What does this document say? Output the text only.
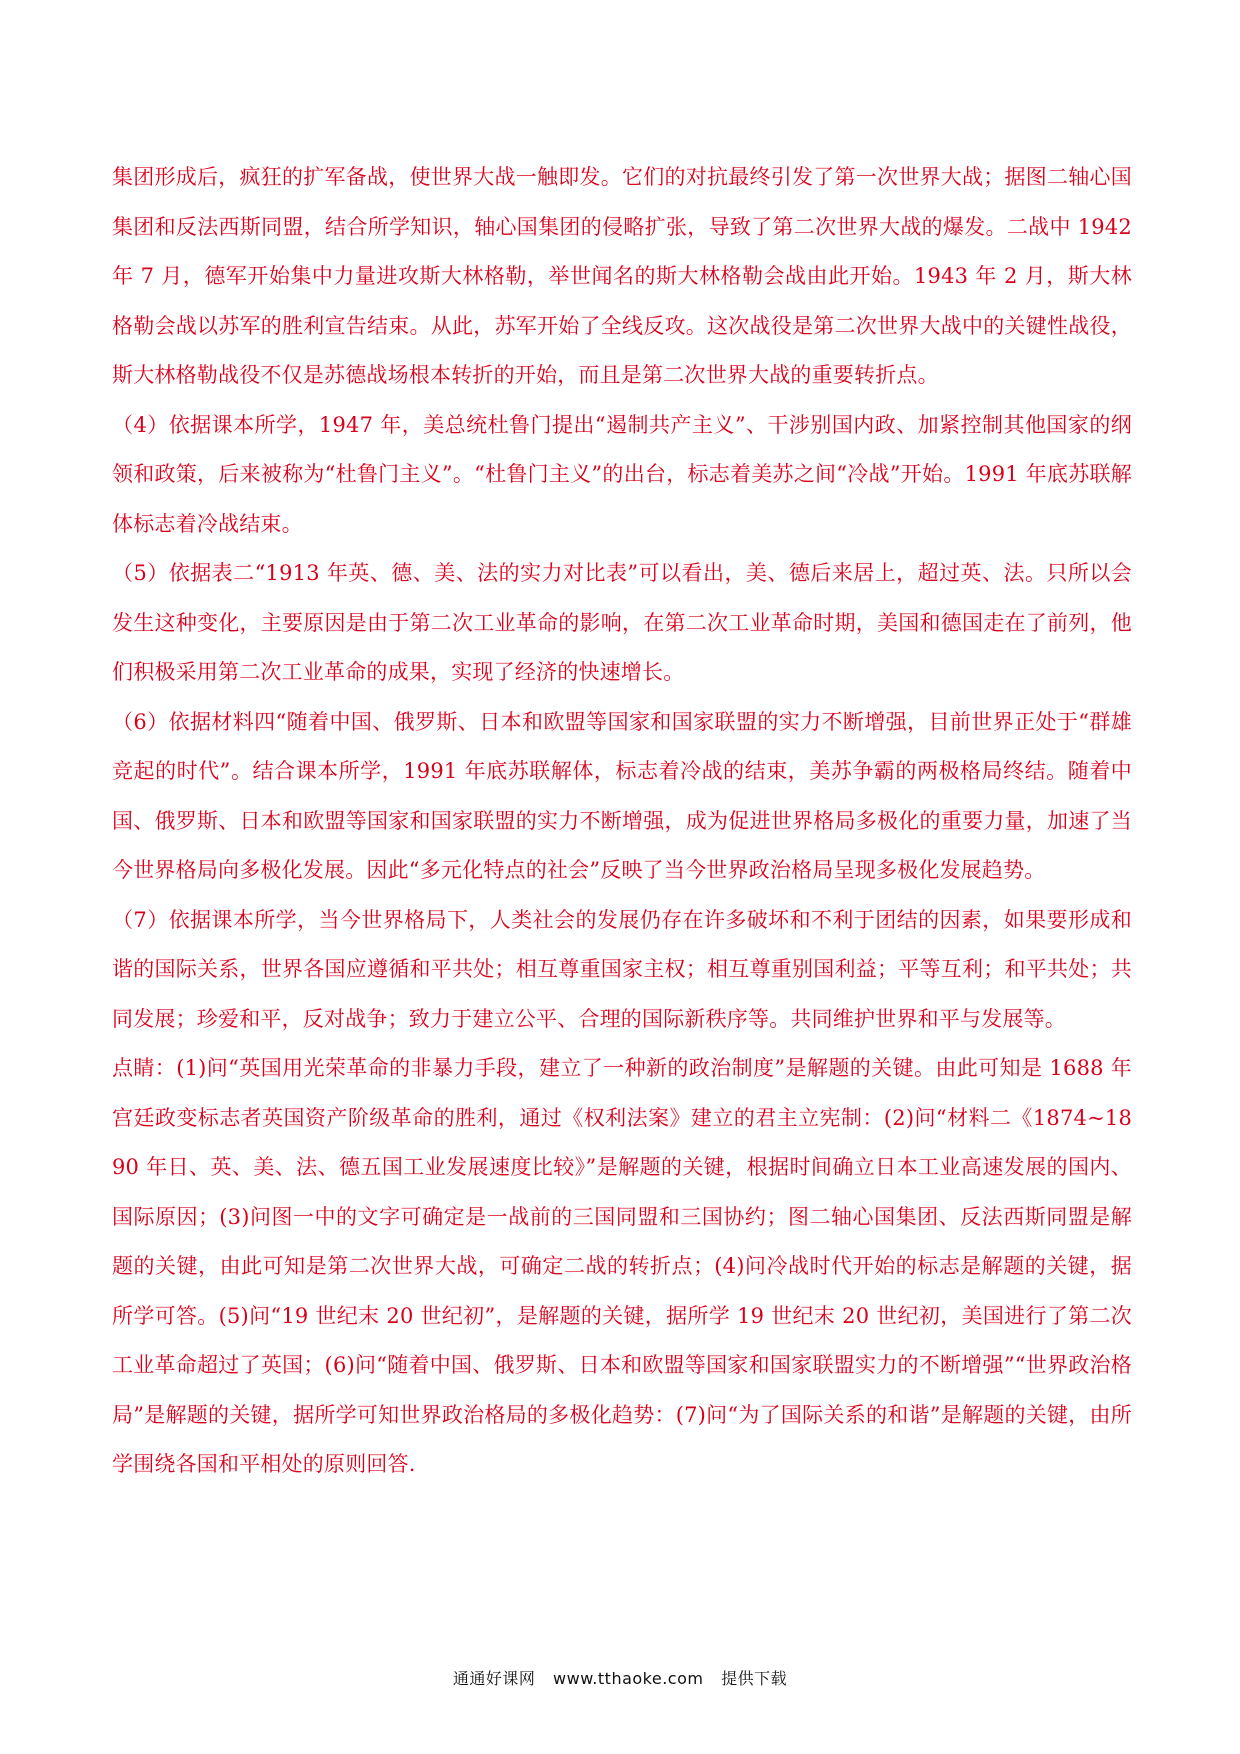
集团形成后，疯狂的扩军备战，使世界大战一触即发。它们的对抗最终引发了第一次世界大战；据图二轴心国集团和反法西斯同盟，结合所学知识，轴心国集团的侵略扩张，导致了第二次世界大战的爆发。二战中 1942 年 7 月，德军开始集中力量进攻斯大林格勒，举世闻名的斯大林格勒会战由此开始。1943 年 2 月，斯大林格勒会战以苏军的胜利宣告结束。从此，苏军开始了全线反攻。这次战役是第二次世界大战中的关键性战役，斯大林格勒战役不仅是苏德战场根本转折的开始，而且是第二次世界大战的重要转折点。

（4）依据课本所学，1947 年，美总统杜鲁门提出“遏制共产主义”、干涉别国内政、加紧控制其他国家的纲领和政策，后来被称为“杜鲁门主义”。“杜鲁门主义”的出台，标志着美苏之间“冷战”开始。1991 年底苏联解体标志着冷战结束。

（5）依据表二“1913 年英、德、美、法的实力对比表”可以看出，美、德后来居上，超过英、法。只所以会发生这种变化，主要原因是由于第二次工业革命的影响，在第二次工业革命时期，美国和德国走在了前列，他们积极采用第二次工业革命的成果，实现了经济的快速增长。

（6）依据材料四“随着中国、俄罗斯、日本和欧盟等国家和国家联盟的实力不断增强，目前世界正处于“群雄竞起的时代”。结合课本所学，1991 年底苏联解体，标志着冷战的结束，美苏争霸的两极格局终结。随着中国、俄罗斯、日本和欧盟等国家和国家联盟的实力不断增强，成为促进世界格局多极化的重要力量，加速了当今世界格局向多极化发展。因此“多元化特点的社会”反映了当今世界政治格局呈现多极化发展趋势。

（7）依据课本所学，当今世界格局下，人类社会的发展仍存在许多破坏和不利于团结的因素，如果要形成和谐的国际关系，世界各国应遵循和平共处；相互尊重国家主权；相互尊重别国利益；平等互利；和平共处；共同发展；珍爱和平，反对战争；致力于建立公平、合理的国际新秩序等。共同维护世界和平与发展等。

点睛：(1)问“英国用光荣革命的非暴力手段，建立了一种新的政治制度”是解题的关键。由此可知是 1688 年宫廷政变标志者英国资产阶级革命的胜利，通过《权利法案》建立的君主立宪制：(2)问“材料二《1874~1890 年日、英、美、法、德五国工业发展速度比较》”是解题的关键，根据时间确立日本工业高速发展的国内、国际原因；(3)问图一中的文字可确定是一战前的三国同盟和三国协约；图二轴心国集团、反法西斯同盟是解题的关键，由此可知是第二次世界大战，可确定二战的转折点；(4)问冷战时代开始的标志是解题的关键，据所学可答。(5)问“19 世纪末 20 世纪初”，是解题的关键，据所学 19 世纪末 20 世纪初，美国进行了第二次工业革命超过了英国；(6)问“随着中国、俄罗斯、日本和欧盟等国家和国家联盟实力的不断增强”“世界政治格局”是解题的关键，据所学可知世界政治格局的多极化趋势：(7)问“为了国际关系的和谐”是解题的关键，由所学围绕各国和平相处的原则回答.

通通好课网 www.tthaoke.com 提供下载
